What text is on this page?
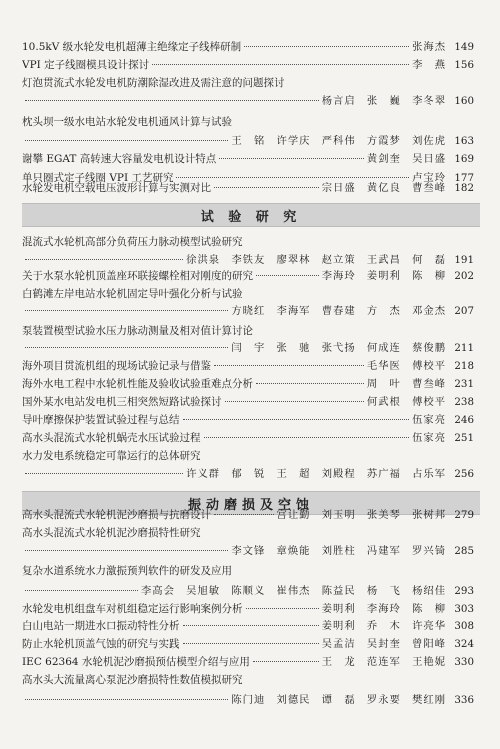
10.5kV 级水轮发电机超薄主绝缘定子线棒研制	张海杰 149
VPI 定子线圈模具设计探讨	李　燕 156
灯泡贯流式水轮发电机防潮除湿改进及需注意的问题探讨
杨言启　张　巍　李冬翠 160
枕头坝一级水电站水轮发电机通风计算与试验
王　铭　许学庆　严科伟　方霞梦　刘佐虎 163
谢攀 EGAT 高转速大容量发电机设计特点	黄剑奎　吴日盛 169
单只圈式定子线圈 VPI 工艺研究	卢宝玲 177
水轮发电机空载电压波形计算与实测对比	宗日盛　黄亿良　曹叁峰 182
试 验 研 究
混流式水轮机高部分负荷压力脉动模型试验研究
徐洪泉　李铁友　廖翠林　赵立策　王武昌　何　磊 191
关于水泵水轮机顶盖座环联接螺栓相对刚度的研究	李海玲　姜明利　陈　柳 202
白鹤滩左岸电站水轮机固定导叶强化分析与试验
方晓红　李海军　曹春建　方　杰　邓金杰 207
泵装置模型试验水压力脉动测量及相对值计算讨论
闫　宇　张　驰　张弋扬　何成连　蔡俊鹏 211
海外项目贯流机组的现场试验记录与借鉴	毛华医　傅校平 218
海外水电工程中水轮机性能及验收试验重难点分析	周　叶　曹叁峰 231
国外某水电站发电机三相突然短路试验探讨	何武根　傅校平 238
导叶摩擦保护装置试验过程与总结	伍家亮 246
高水头混流式水轮机蜗壳水压试验过程	伍家亮 251
水力发电系统稳定可靠运行的总体研究
许义群　郁　锐　王　超　刘殿程　苏广福　占乐军 256
振动磨损及空蚀
高水头混流式水轮机泥沙磨损与抗磨设计	宫让勤　刘玉明　张美琴　张树邦 279
高水头混流式水轮机泥沙磨损特性研究
李文锋　章焕能　刘胜柱　冯建军　罗兴锜 285
复杂水道系统水力激振预判软件的研发及应用
李高会　吴旭敏　陈顺义　崔伟杰　陈益民　杨　飞　杨绍佳 293
水轮发电机组盘车对机组稳定运行影响案例分析	姜明利　李海玲　陈　柳 303
白山电站一期进水口振动特性分析	姜明利　乔　木　许亮华 308
防止水轮机顶盖气蚀的研究与实践	吴孟洁　吴封奎　曾阳峰 324
IEC 62364 水轮机泥沙磨损预估模型介绍与应用	王　龙　范连军　王艳妮 330
高水头大流量离心泵泥沙磨损特性数值模拟研究
陈门迪　刘德民　谭　磊　罗永要　樊红刚 336
